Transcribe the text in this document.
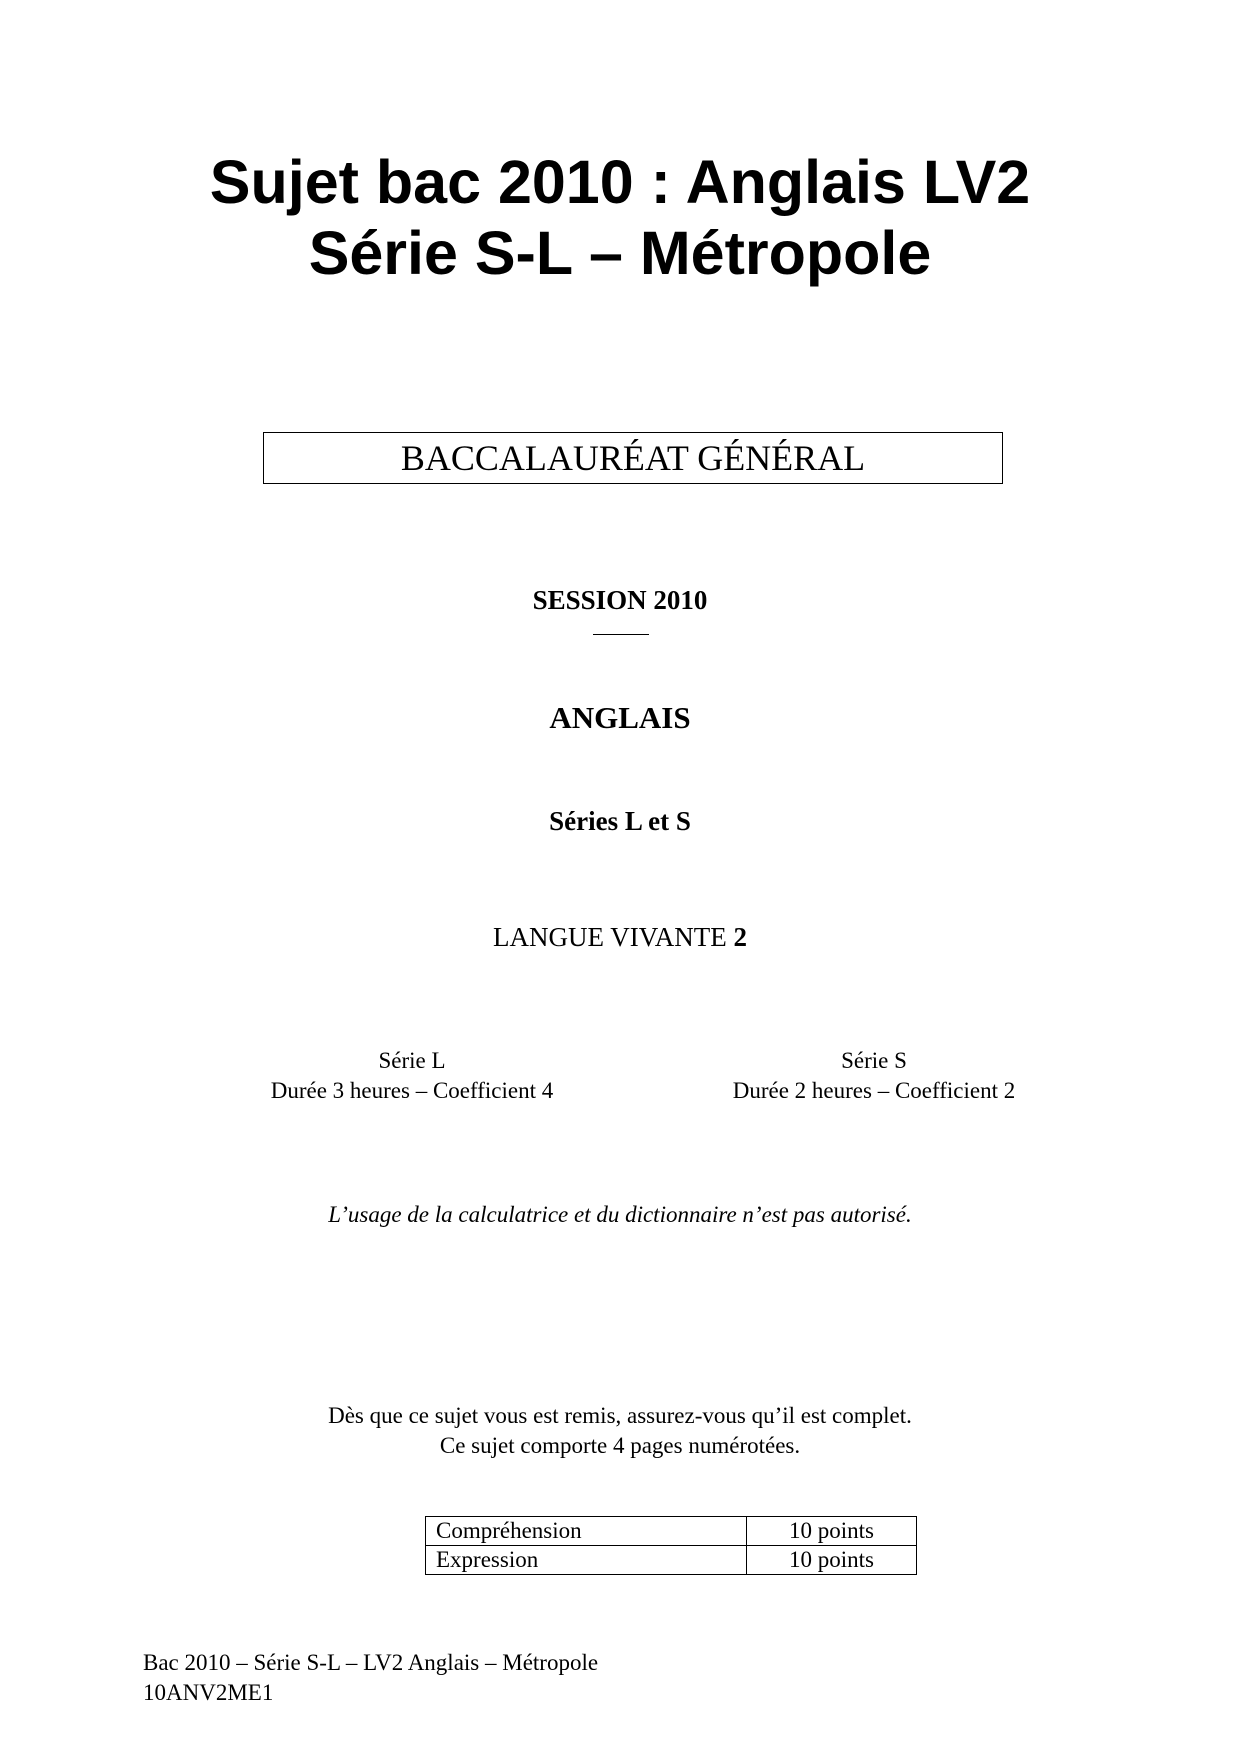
Sujet bac 2010 : Anglais LV2
Série S-L – Métropole
BACCALAURÉAT GÉNÉRAL
SESSION 2010
ANGLAIS
Séries L et S
LANGUE VIVANTE 2
Série L
Durée 3 heures – Coefficient 4
Série S
Durée 2 heures – Coefficient 2
L’usage de la calculatrice et du dictionnaire n’est pas autorisé.
Dès que ce sujet vous est remis, assurez-vous qu’il est complet.
Ce sujet comporte 4 pages numérotées.
Compréhension	10 points
Expression	10 points
Bac 2010 – Série S-L – LV2 Anglais – Métropole
10ANV2ME1
